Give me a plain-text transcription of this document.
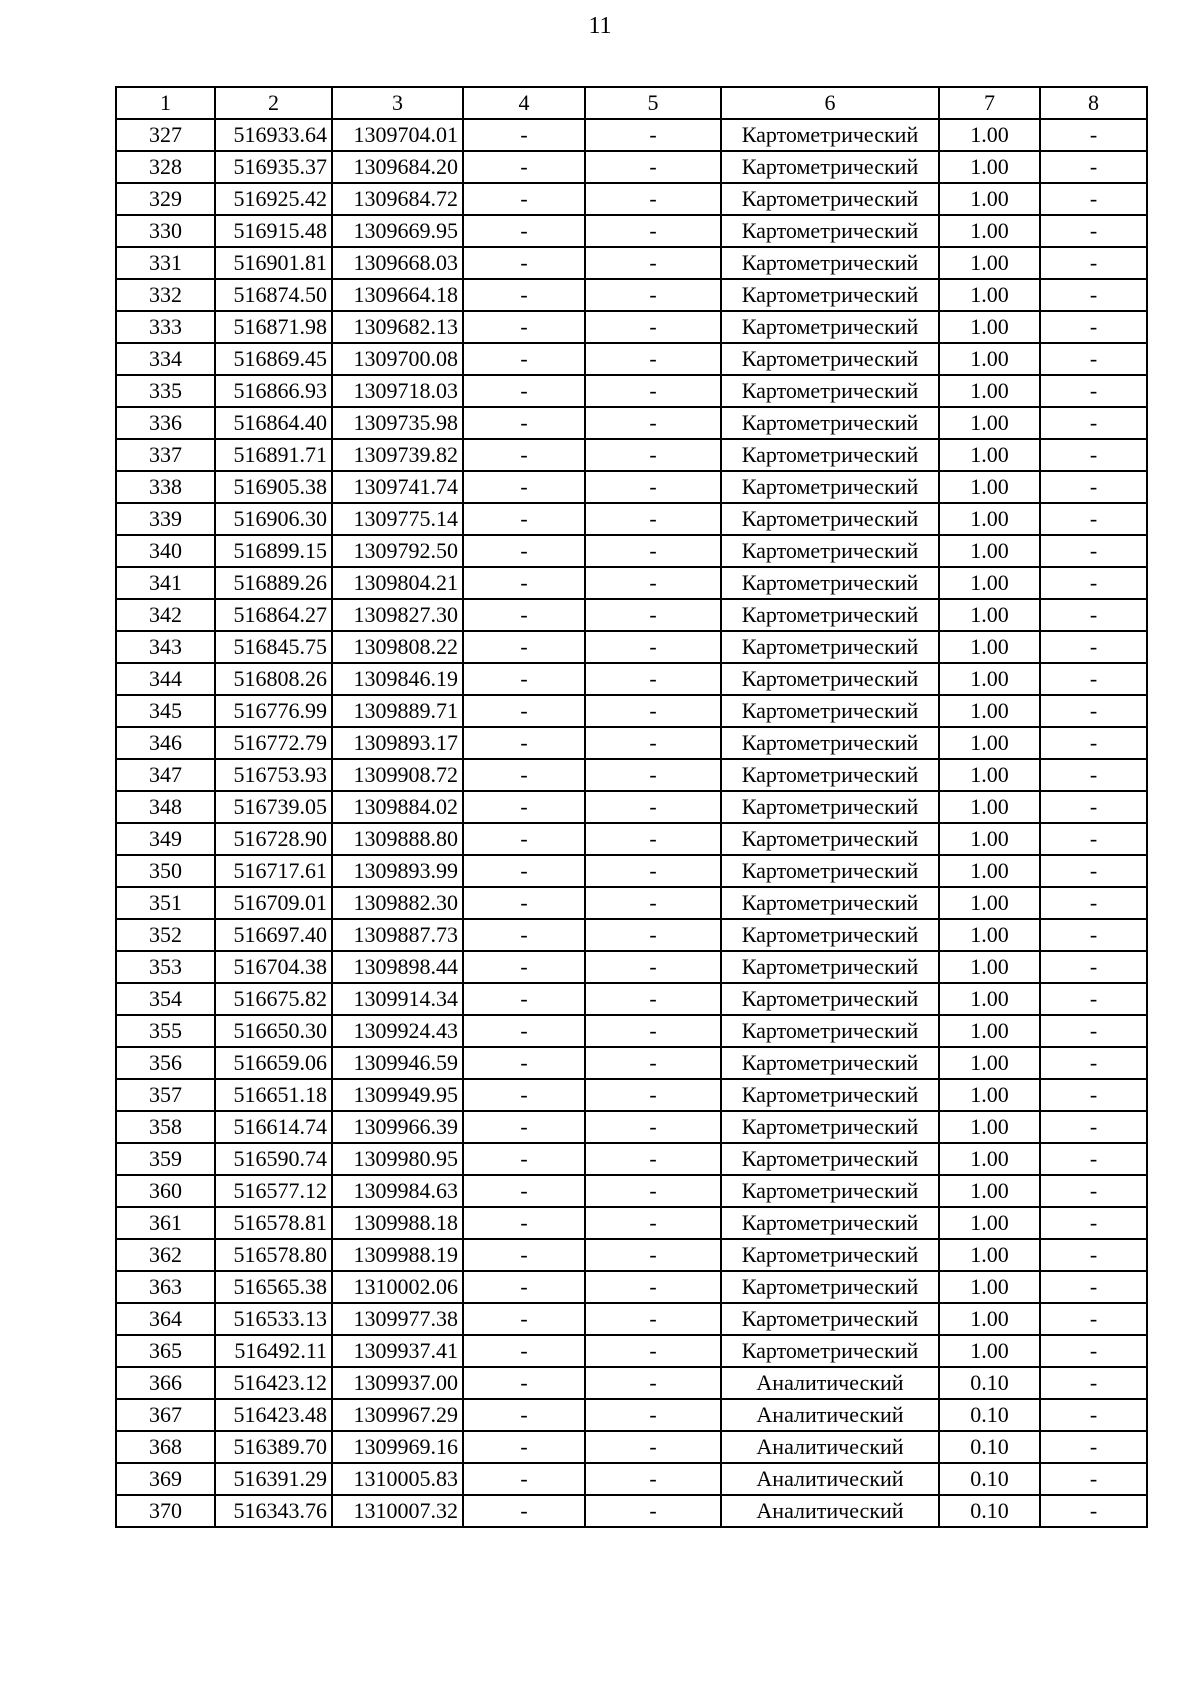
11
1	2	3	4	5	6	7	8
327	516933.64	1309704.01	-	-	Картометрический	1.00	-
328	516935.37	1309684.20	-	-	Картометрический	1.00	-
329	516925.42	1309684.72	-	-	Картометрический	1.00	-
330	516915.48	1309669.95	-	-	Картометрический	1.00	-
331	516901.81	1309668.03	-	-	Картометрический	1.00	-
332	516874.50	1309664.18	-	-	Картометрический	1.00	-
333	516871.98	1309682.13	-	-	Картометрический	1.00	-
334	516869.45	1309700.08	-	-	Картометрический	1.00	-
335	516866.93	1309718.03	-	-	Картометрический	1.00	-
336	516864.40	1309735.98	-	-	Картометрический	1.00	-
337	516891.71	1309739.82	-	-	Картометрический	1.00	-
338	516905.38	1309741.74	-	-	Картометрический	1.00	-
339	516906.30	1309775.14	-	-	Картометрический	1.00	-
340	516899.15	1309792.50	-	-	Картометрический	1.00	-
341	516889.26	1309804.21	-	-	Картометрический	1.00	-
342	516864.27	1309827.30	-	-	Картометрический	1.00	-
343	516845.75	1309808.22	-	-	Картометрический	1.00	-
344	516808.26	1309846.19	-	-	Картометрический	1.00	-
345	516776.99	1309889.71	-	-	Картометрический	1.00	-
346	516772.79	1309893.17	-	-	Картометрический	1.00	-
347	516753.93	1309908.72	-	-	Картометрический	1.00	-
348	516739.05	1309884.02	-	-	Картометрический	1.00	-
349	516728.90	1309888.80	-	-	Картометрический	1.00	-
350	516717.61	1309893.99	-	-	Картометрический	1.00	-
351	516709.01	1309882.30	-	-	Картометрический	1.00	-
352	516697.40	1309887.73	-	-	Картометрический	1.00	-
353	516704.38	1309898.44	-	-	Картометрический	1.00	-
354	516675.82	1309914.34	-	-	Картометрический	1.00	-
355	516650.30	1309924.43	-	-	Картометрический	1.00	-
356	516659.06	1309946.59	-	-	Картометрический	1.00	-
357	516651.18	1309949.95	-	-	Картометрический	1.00	-
358	516614.74	1309966.39	-	-	Картометрический	1.00	-
359	516590.74	1309980.95	-	-	Картометрический	1.00	-
360	516577.12	1309984.63	-	-	Картометрический	1.00	-
361	516578.81	1309988.18	-	-	Картометрический	1.00	-
362	516578.80	1309988.19	-	-	Картометрический	1.00	-
363	516565.38	1310002.06	-	-	Картометрический	1.00	-
364	516533.13	1309977.38	-	-	Картометрический	1.00	-
365	516492.11	1309937.41	-	-	Картометрический	1.00	-
366	516423.12	1309937.00	-	-	Аналитический	0.10	-
367	516423.48	1309967.29	-	-	Аналитический	0.10	-
368	516389.70	1309969.16	-	-	Аналитический	0.10	-
369	516391.29	1310005.83	-	-	Аналитический	0.10	-
370	516343.76	1310007.32	-	-	Аналитический	0.10	-
